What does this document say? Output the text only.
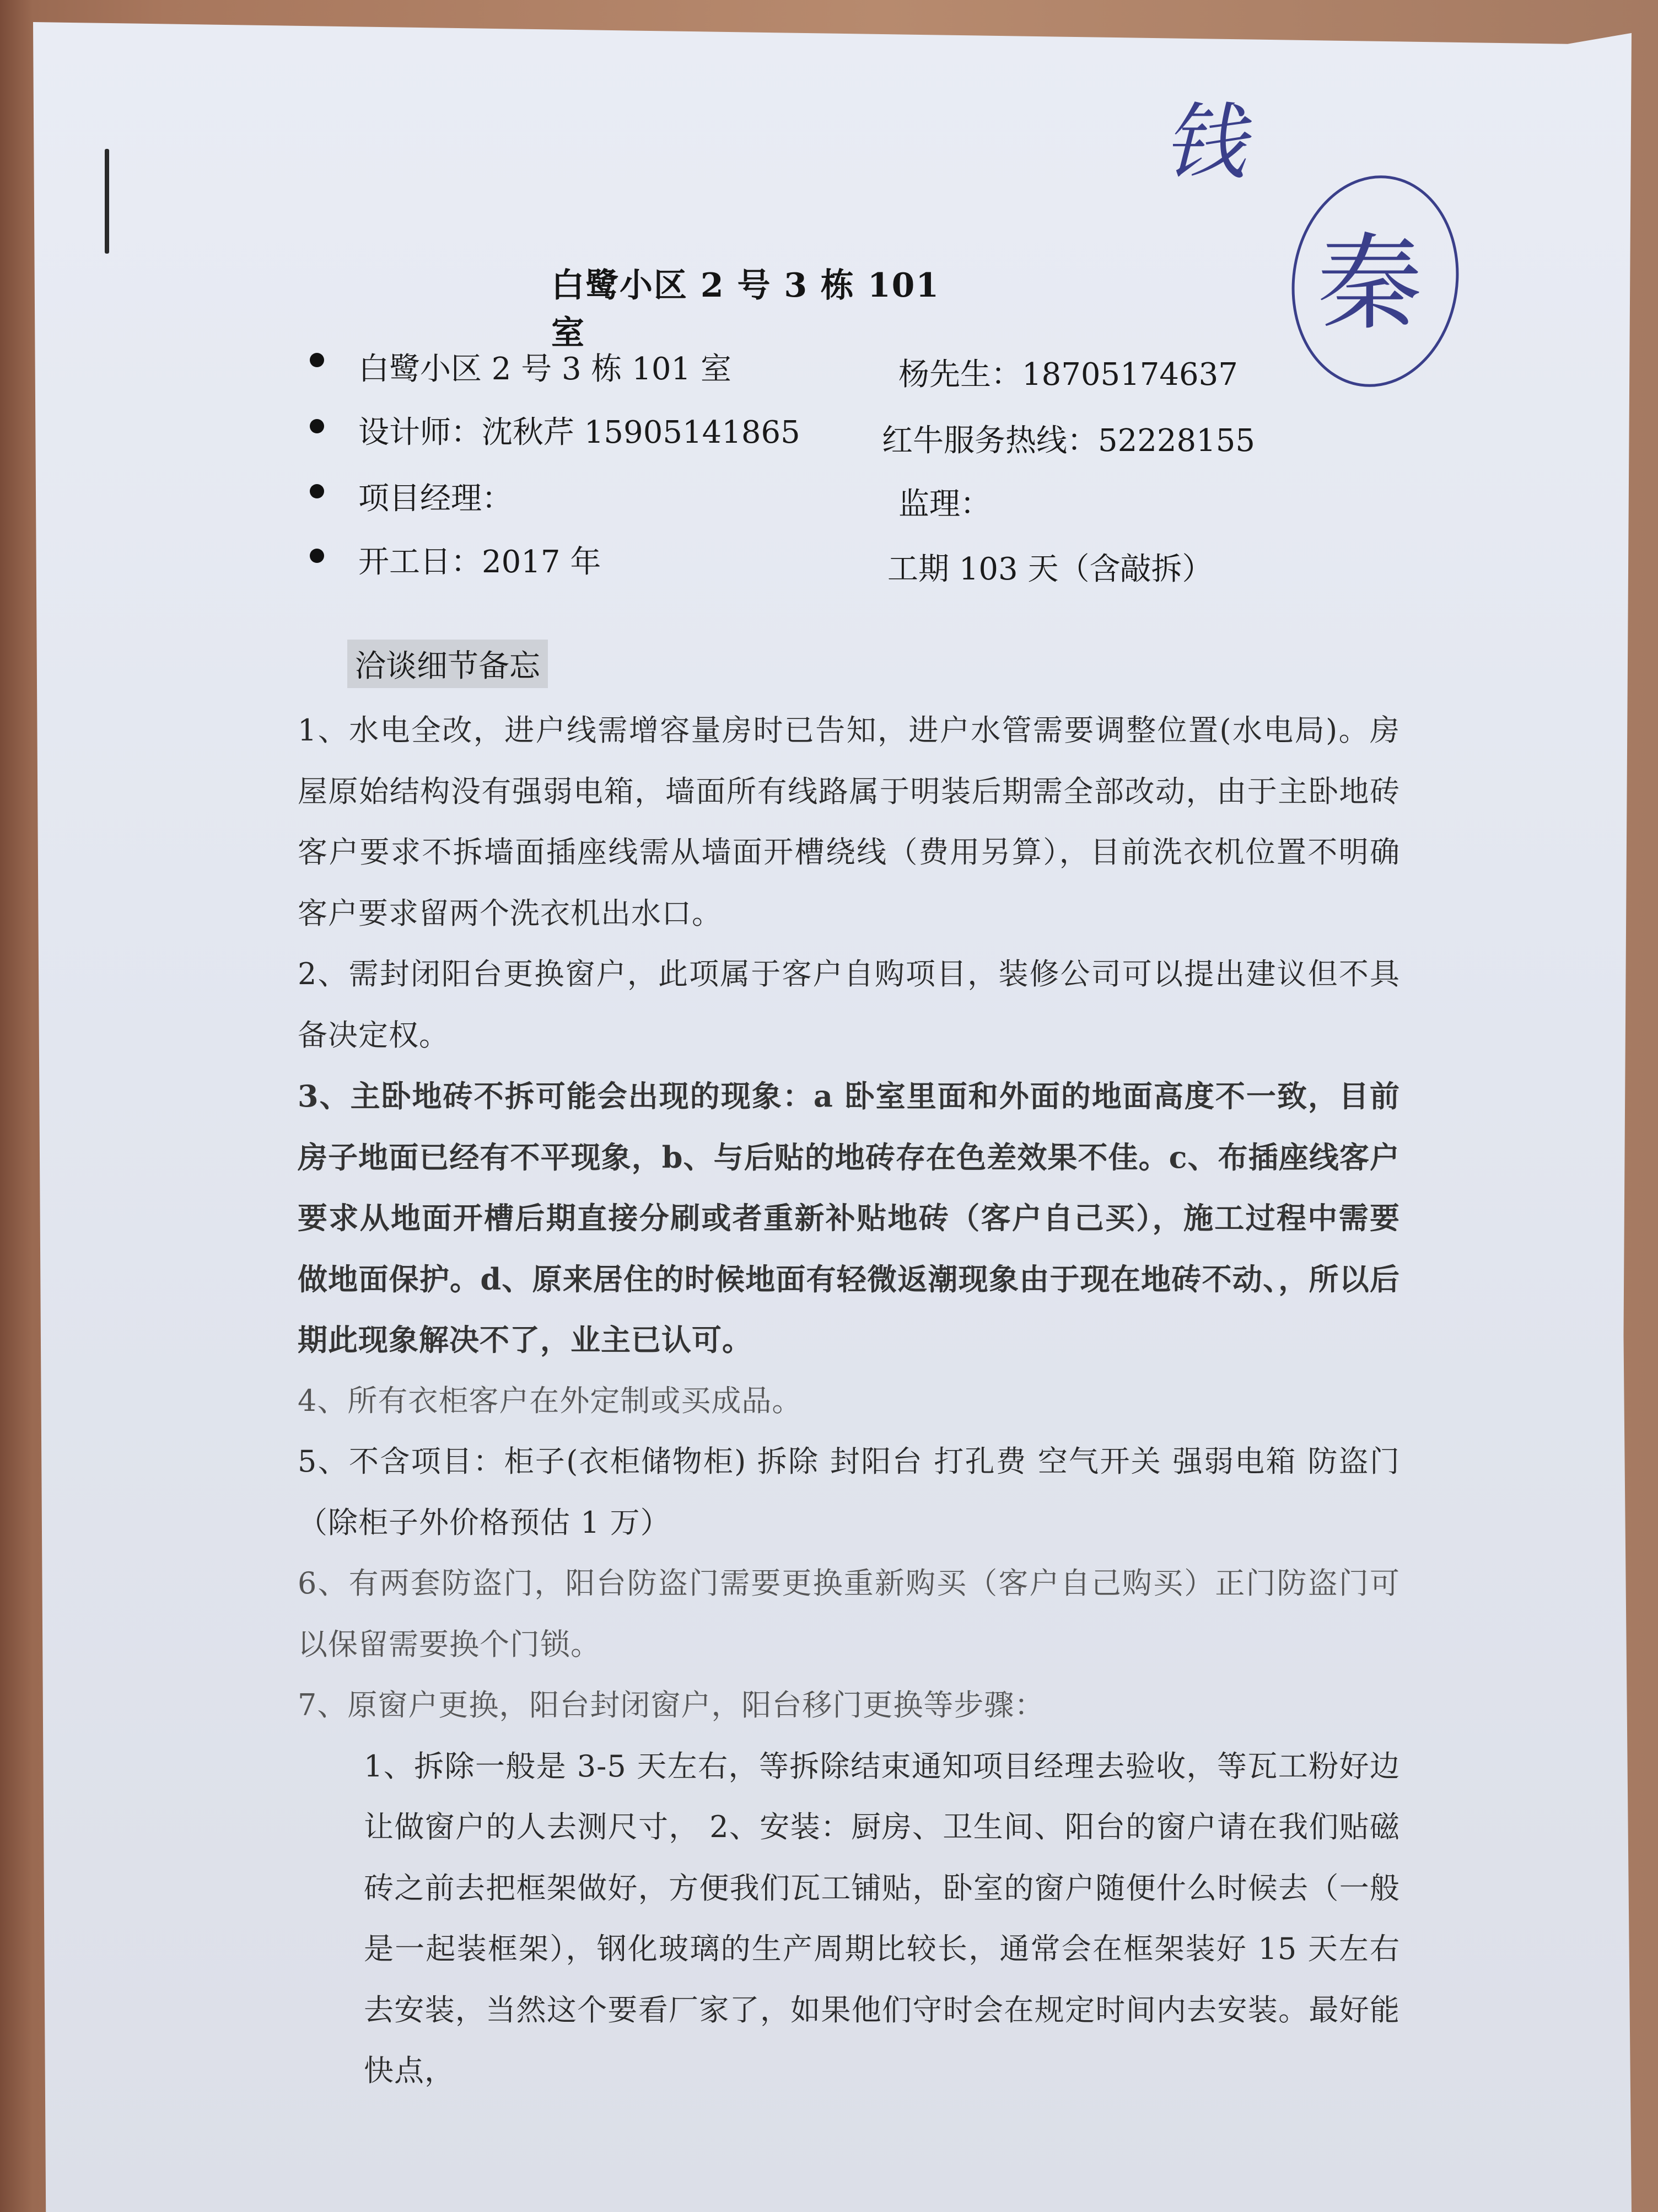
钱
秦
白鹭小区 2 号 3 栋 101 室
白鹭小区 2 号 3 栋 101 室	杨先生：18705174637
设计师：沈秋芹 15905141865	红牛服务热线：52228155
项目经理：	监理：
开工日：2017 年	工期 103 天（含敲拆）
洽谈细节备忘

1、水电全改，进户线需增容量房时已告知，进户水管需要调整位置(水电局)。房屋原始结构没有强弱电箱，墙面所有线路属于明装后期需全部改动，由于主卧地砖客户要求不拆墙面插座线需从墙面开槽绕线（费用另算），目前洗衣机位置不明确客户要求留两个洗衣机出水口。

2、需封闭阳台更换窗户，此项属于客户自购项目，装修公司可以提出建议但不具备决定权。

3、主卧地砖不拆可能会出现的现象：a 卧室里面和外面的地面高度不一致，目前房子地面已经有不平现象，b、与后贴的地砖存在色差效果不佳。c、布插座线客户要求从地面开槽后期直接分刷或者重新补贴地砖（客户自己买），施工过程中需要做地面保护。d、原来居住的时候地面有轻微返潮现象由于现在地砖不动、，所以后期此现象解决不了，业主已认可。

4、所有衣柜客户在外定制或买成品。

5、不含项目：柜子(衣柜储物柜) 拆除 封阳台 打孔费 空气开关 强弱电箱 防盗门（除柜子外价格预估 1 万）

6、有两套防盗门，阳台防盗门需要更换重新购买（客户自己购买）正门防盗门可以保留需要换个门锁。

7、原窗户更换，阳台封闭窗户，阳台移门更换等步骤：

1、拆除一般是 3-5 天左右，等拆除结束通知项目经理去验收，等瓦工粉好边让做窗户的人去测尺寸， 2、安装：厨房、卫生间、阳台的窗户请在我们贴磁砖之前去把框架做好，方便我们瓦工铺贴，卧室的窗户随便什么时候去（一般是一起装框架），钢化玻璃的生产周期比较长，通常会在框架装好 15 天左右去安装，当然这个要看厂家了，如果他们守时会在规定时间内去安装。最好能快点，
